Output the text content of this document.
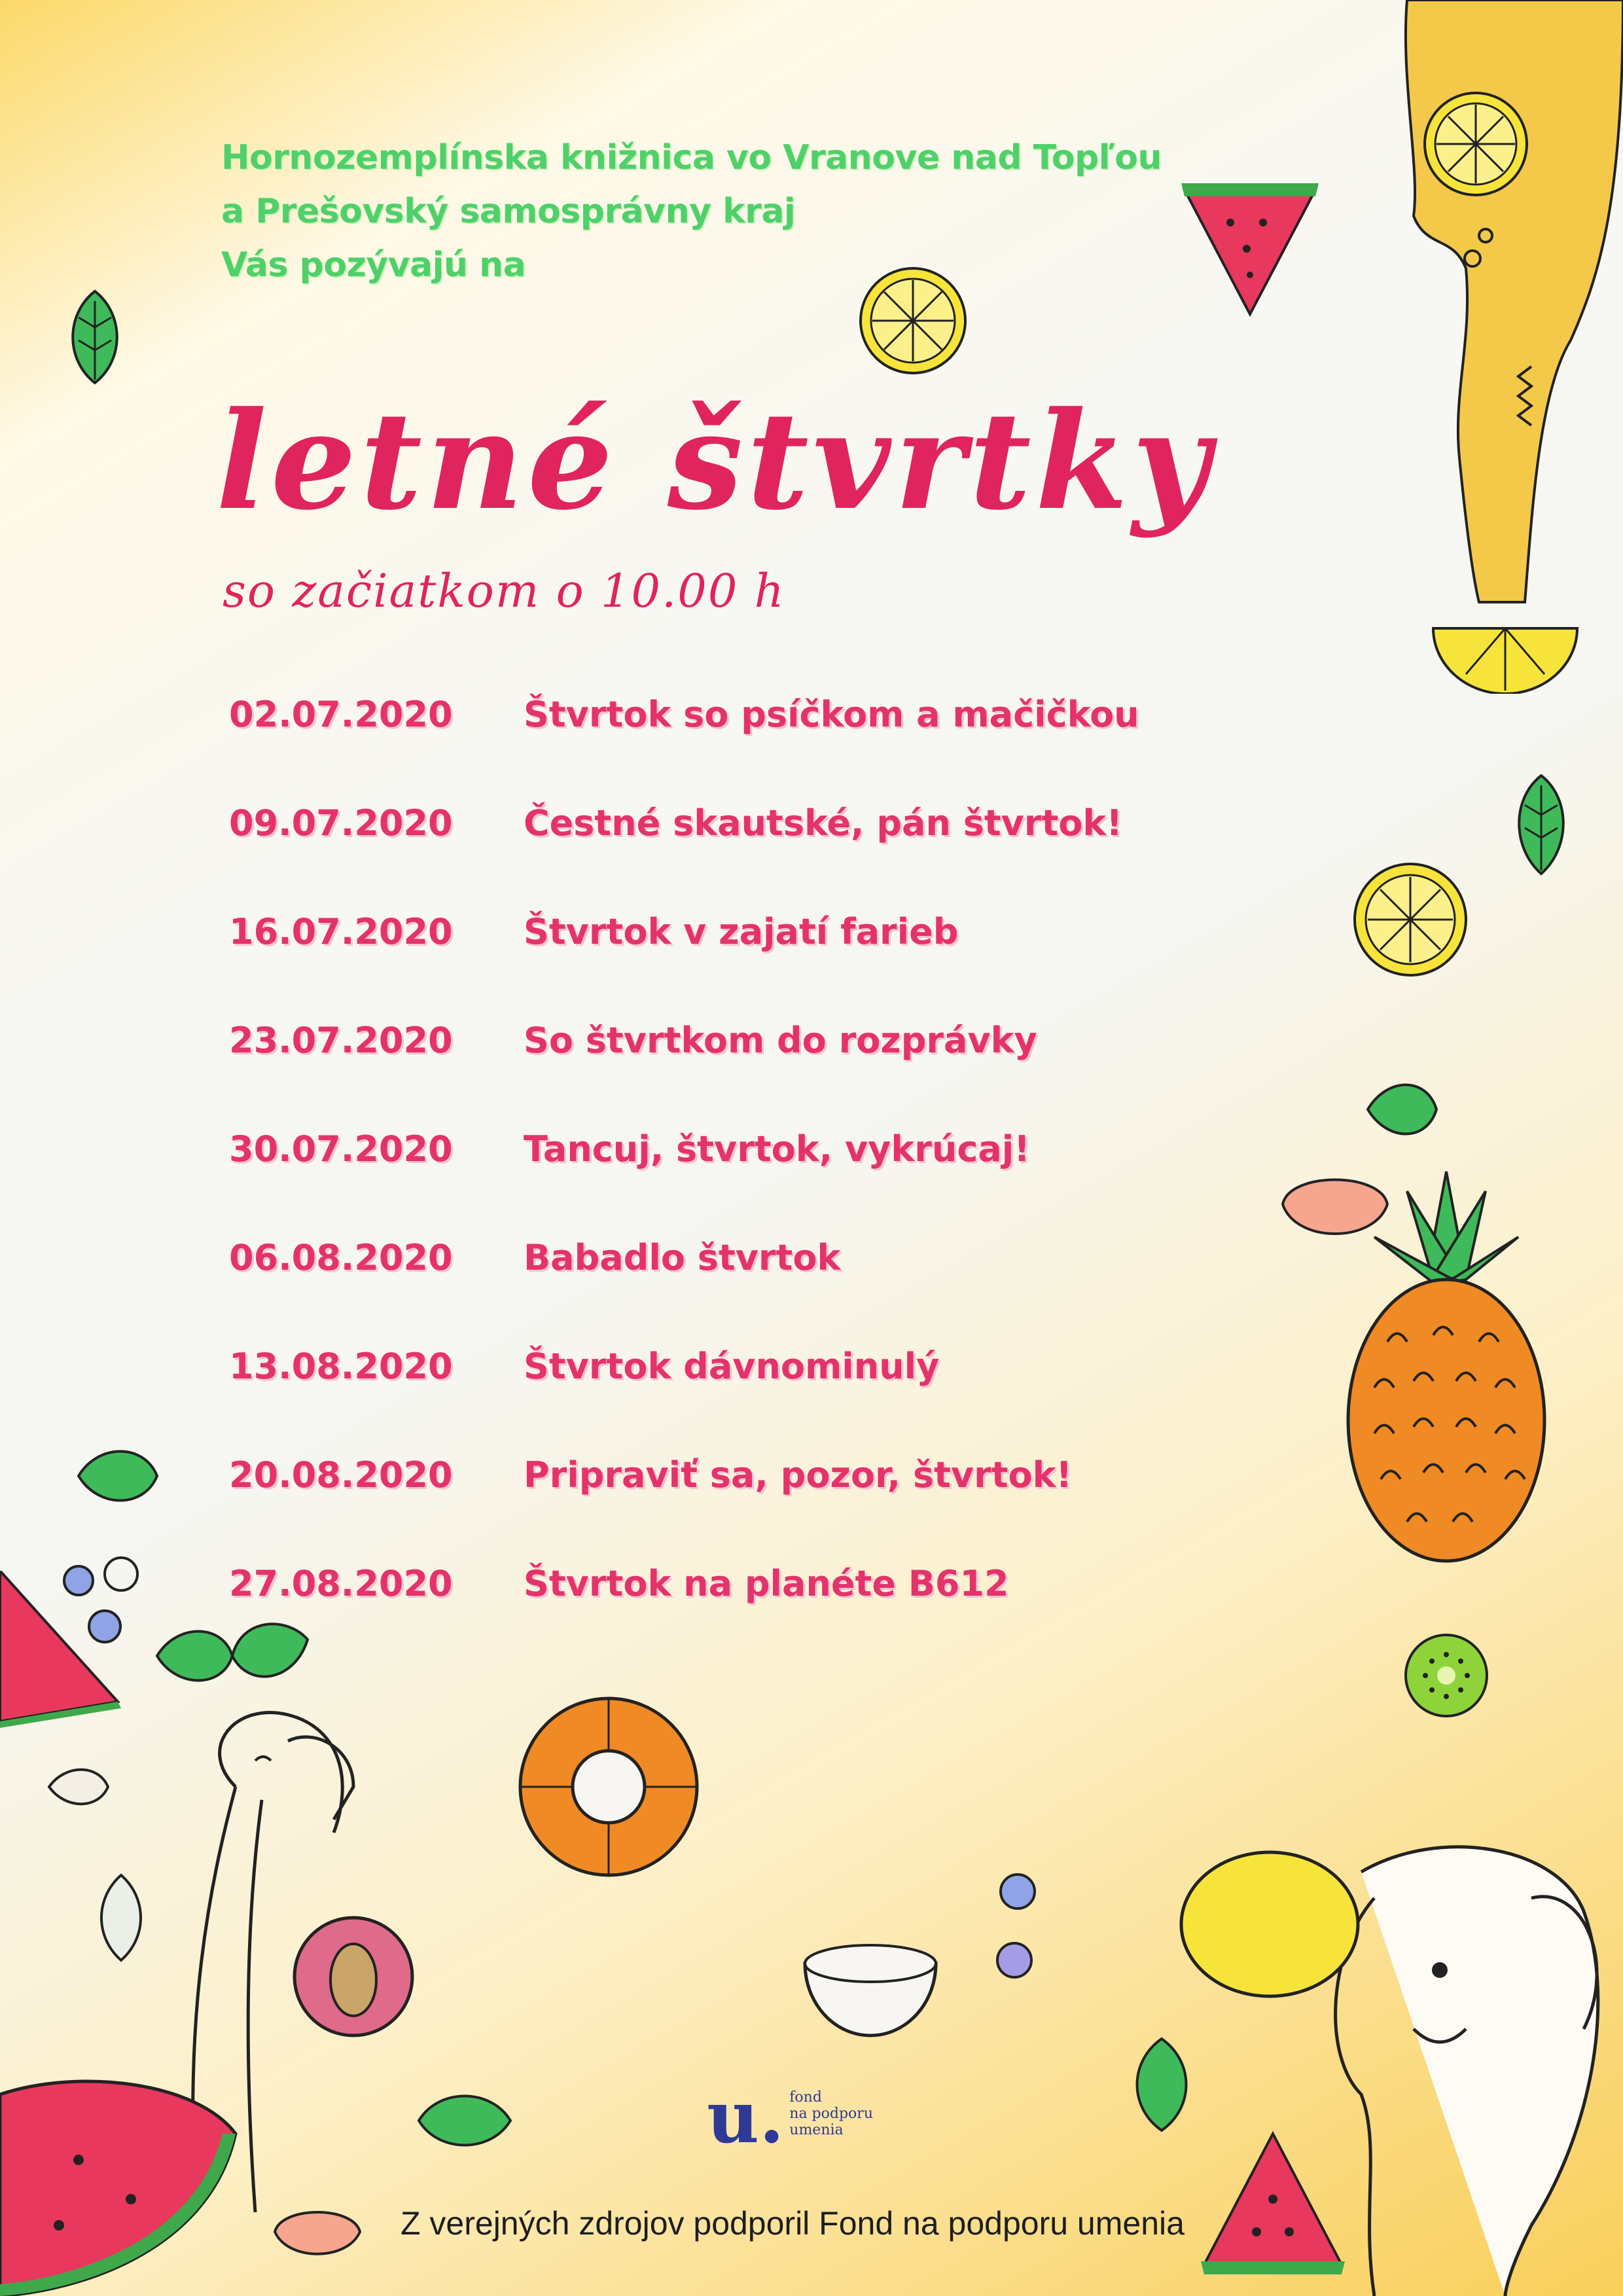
Hornozemplínska knižnica vo Vranove nad Topľou

a Prešovský samosprávny kraj

Vás pozývajú na

letné štvrtky

so začiatkom o 10.00 h

02.07.2020	Štvrtok so psíčkom a mačičkou
09.07.2020	Čestné skautské, pán štvrtok!
16.07.2020	Štvrtok v zajatí farieb
23.07.2020	So štvrtkom do rozprávky
30.07.2020	Tancuj, štvrtok, vykrúcaj!
06.08.2020	Babadlo štvrtok
13.08.2020	Štvrtok dávnominulý
20.08.2020	Pripraviť sa, pozor, štvrtok!
27.08.2020	Štvrtok na planéte B612
u. fond
na podporu
umenia

Z verejných zdrojov podporil Fond na podporu umenia
